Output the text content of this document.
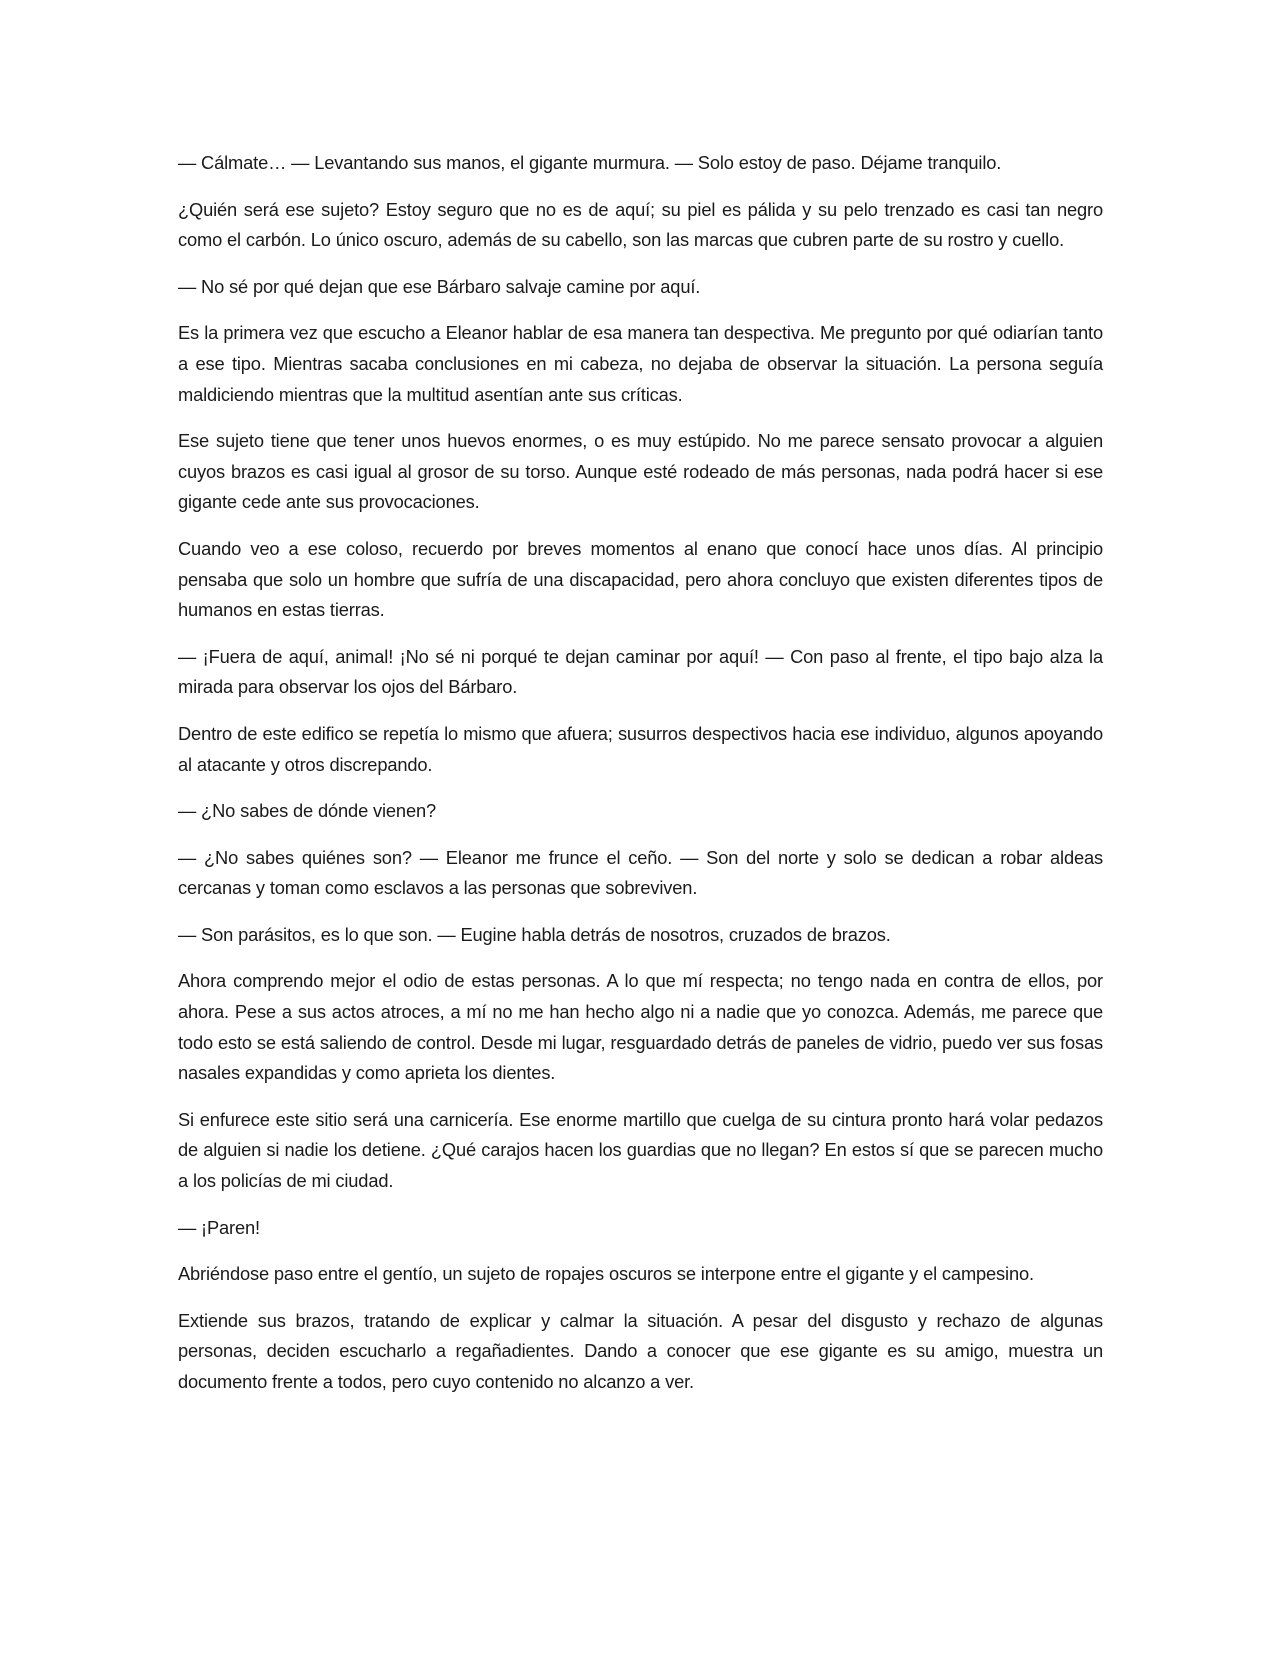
— Cálmate… — Levantando sus manos, el gigante murmura. — Solo estoy de paso. Déjame tranquilo.

¿Quién será ese sujeto? Estoy seguro que no es de aquí; su piel es pálida y su pelo trenzado es casi tan negro como el carbón. Lo único oscuro, además de su cabello, son las marcas que cubren parte de su rostro y cuello.

— No sé por qué dejan que ese Bárbaro salvaje camine por aquí.

Es la primera vez que escucho a Eleanor hablar de esa manera tan despectiva. Me pregunto por qué odiarían tanto a ese tipo. Mientras sacaba conclusiones en mi cabeza, no dejaba de observar la situación. La persona seguía maldiciendo mientras que la multitud asentían ante sus críticas.

Ese sujeto tiene que tener unos huevos enormes, o es muy estúpido. No me parece sensato provocar a alguien cuyos brazos es casi igual al grosor de su torso. Aunque esté rodeado de más personas, nada podrá hacer si ese gigante cede ante sus provocaciones.

Cuando veo a ese coloso, recuerdo por breves momentos al enano que conocí hace unos días. Al principio pensaba que solo un hombre que sufría de una discapacidad, pero ahora concluyo que existen diferentes tipos de humanos en estas tierras.

— ¡Fuera de aquí, animal! ¡No sé ni porqué te dejan caminar por aquí! — Con paso al frente, el tipo bajo alza la mirada para observar los ojos del Bárbaro.

Dentro de este edifico se repetía lo mismo que afuera; susurros despectivos hacia ese individuo, algunos apoyando al atacante y otros discrepando.

— ¿No sabes de dónde vienen?

— ¿No sabes quiénes son? — Eleanor me frunce el ceño. — Son del norte y solo se dedican a robar aldeas cercanas y toman como esclavos a las personas que sobreviven.

— Son parásitos, es lo que son. — Eugine habla detrás de nosotros, cruzados de brazos.

Ahora comprendo mejor el odio de estas personas. A lo que mí respecta; no tengo nada en contra de ellos, por ahora. Pese a sus actos atroces, a mí no me han hecho algo ni a nadie que yo conozca. Además, me parece que todo esto se está saliendo de control. Desde mi lugar, resguardado detrás de paneles de vidrio, puedo ver sus fosas nasales expandidas y como aprieta los dientes.

Si enfurece este sitio será una carnicería. Ese enorme martillo que cuelga de su cintura pronto hará volar pedazos de alguien si nadie los detiene. ¿Qué carajos hacen los guardias que no llegan? En estos sí que se parecen mucho a los policías de mi ciudad.

— ¡Paren!

Abriéndose paso entre el gentío, un sujeto de ropajes oscuros se interpone entre el gigante y el campesino.

Extiende sus brazos, tratando de explicar y calmar la situación. A pesar del disgusto y rechazo de algunas personas, deciden escucharlo a regañadientes. Dando a conocer que ese gigante es su amigo, muestra un documento frente a todos, pero cuyo contenido no alcanzo a ver.
